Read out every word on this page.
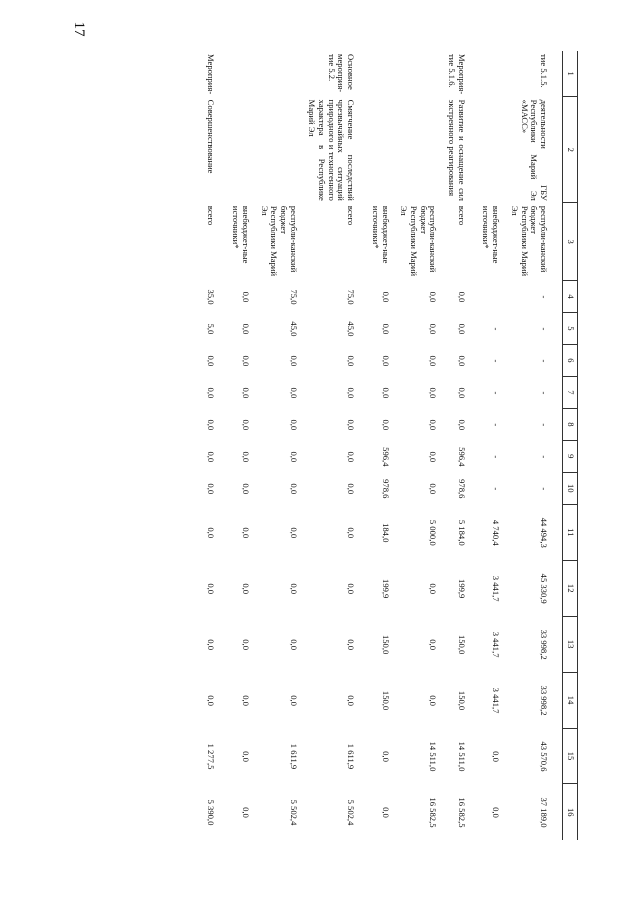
17
1	2	3	4	5	6	7	8	9	10	11	12	13	14	15	16
тие 5.1.5.	деятельности ГБУ Республики Марий Эл «МАСС»	республи-канский бюджет Республики Марий Эл	-	-	-	-	-	-	-	44 494,3	45 330,9	33 998,2	33 998,2	43 570,6	37 189,0
		внебюджет-ные источники*		-	-	-	-	-	-	4 740,4	3 441,7	3 441,7	3 441,7	0,0	0,0
Мероприя-тие 5.1.6.	Развитие и оснащение сил экстренного реагирования	всего	0,0	0,0	0,0	0,0	0,0	596,4	978,6	5 184,0	199,9	150,0	150,0	14 511,0	16 582,5
		республи-канский бюджет Республики Марий Эл	0,0	0,0	0,0	0,0	0,0	0,0	0,0	5 000,0	0,0	0,0	0,0	14 511,0	16 582,5
		внебюджет-ные источники*	0,0	0,0	0,0	0,0	0,0	596,4	978,6	184,0	199,9	150,0	150,0	0,0	0,0
Основное мероприя-тие 5.2.	Смягчение последствий чрезвычайных ситуаций природного и техногенного характера в Республике Марий Эл	всего	75,0	45,0	0,0	0,0	0,0	0,0	0,0	0,0	0,0	0,0	0,0	1 611,9	5 502,4
		республи-канский бюджет Республики Марий Эл	75,0	45,0	0,0	0,0	0,0	0,0	0,0	0,0	0,0	0,0	0,0	1 611,9	5 502,4
		внебюджет-ные источники*	0,0	0,0	0,0	0,0	0,0	0,0	0,0	0,0	0,0	0,0	0,0	0,0	0,0
Мероприя-	Совершенствование	всего	35,0	5,0	0,0	0,0	0,0	0,0	0,0	0,0	0,0	0,0	0,0	1 277,5	5 390,0
